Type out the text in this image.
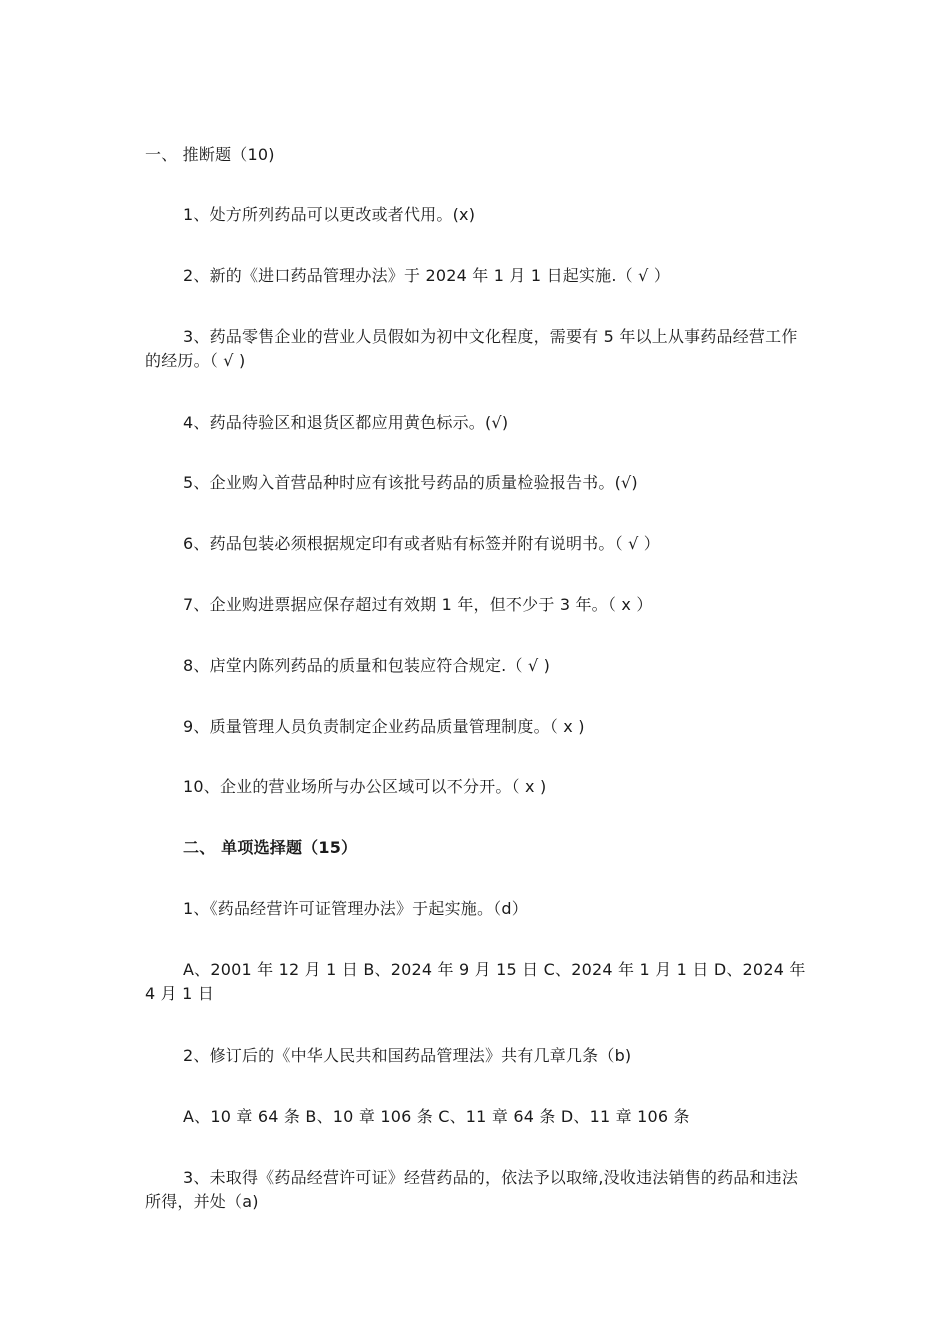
一、 推断题（10)
1、处方所列药品可以更改或者代用。(x)
2、新的《进口药品管理办法》于 2024 年 1 月 1 日起实施.（ √ ）
3、药品零售企业的营业人员假如为初中文化程度，需要有 5 年以上从事药品经营工作的经历。（ √ )
4、药品待验区和退货区都应用黄色标示。(√)
5、企业购入首营品种时应有该批号药品的质量检验报告书。(√)
6、药品包装必须根据规定印有或者贴有标签并附有说明书。（ √ ）
7、企业购进票据应保存超过有效期 1 年，但不少于 3 年。（ x ）
8、店堂内陈列药品的质量和包装应符合规定.（ √ )
9、质量管理人员负责制定企业药品质量管理制度。（ x )
10、企业的营业场所与办公区域可以不分开。（ x )
二、 单项选择题（15）
1、《药品经营许可证管理办法》于起实施。（d）
A、2001 年 12 月 1 日 B、2024 年 9 月 15 日 C、2024 年 1 月 1 日 D、2024 年 4 月 1 日
2、修订后的《中华人民共和国药品管理法》共有几章几条（b)
A、10 章 64 条 B、10 章 106 条 C、11 章 64 条 D、11 章 106 条
3、未取得《药品经营许可证》经营药品的，依法予以取缔,没收违法销售的药品和违法所得，并处（a)
